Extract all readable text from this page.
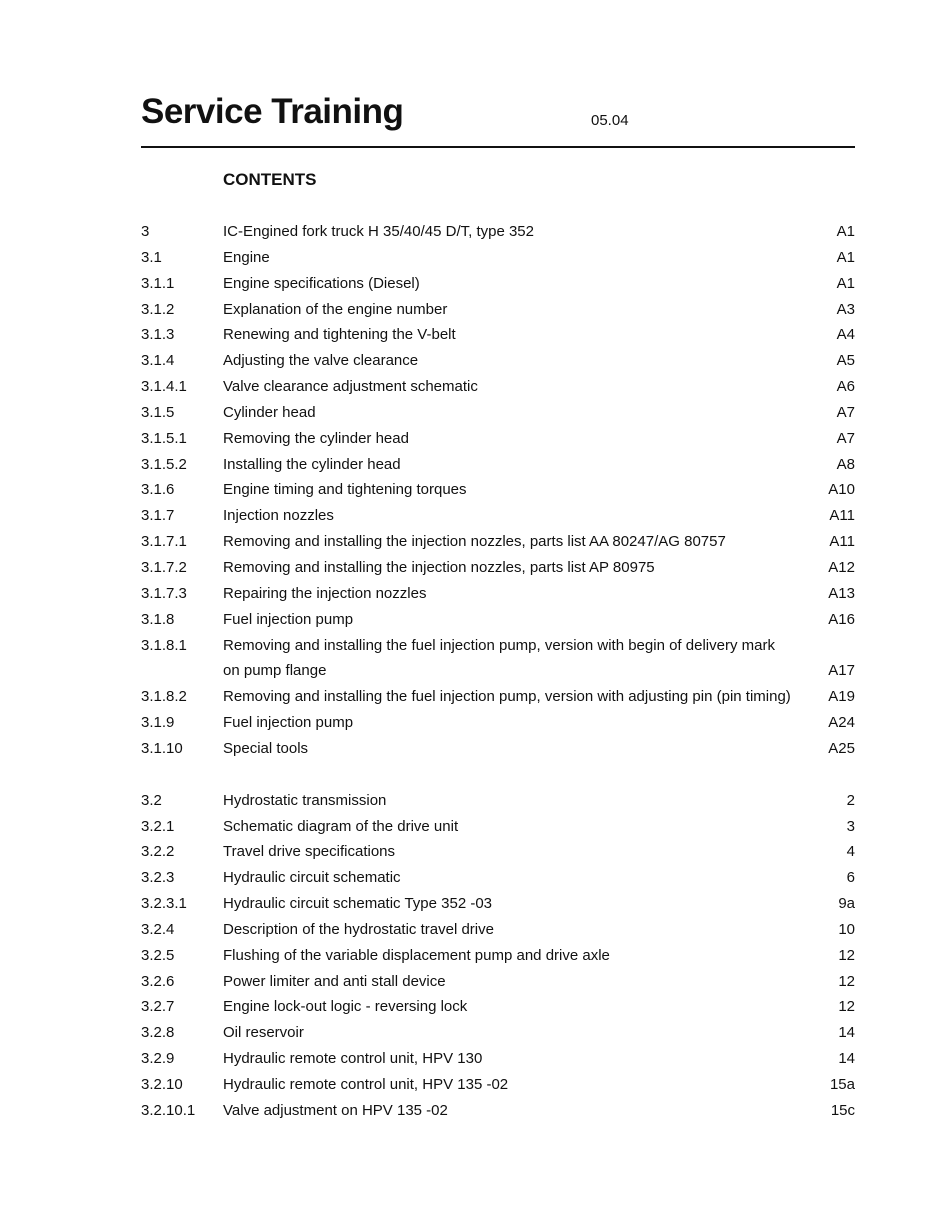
Service Training	05.04
CONTENTS
3	IC-Engined fork truck H 35/40/45 D/T, type 352	A1
3.1	Engine	A1
3.1.1	Engine specifications (Diesel)	A1
3.1.2	Explanation of the engine number	A3
3.1.3	Renewing and tightening the V-belt	A4
3.1.4	Adjusting the valve clearance	A5
3.1.4.1 Valve clearance adjustment schematic	A6
3.1.5	Cylinder head	A7
3.1.5.1 Removing the cylinder head	A7
3.1.5.2 Installing the cylinder head	A8
3.1.6	Engine timing and tightening torques	A10
3.1.7	Injection nozzles	A11
3.1.7.1 Removing and installing the injection nozzles, parts list AA 80247/AG 80757	A11
3.1.7.2 Removing and installing the injection nozzles, parts list AP 80975	A12
3.1.7.3 Repairing the injection nozzles	A13
3.1.8	Fuel injection pump	A16
3.1.8.1 Removing and installing the fuel injection pump, version with begin of delivery mark
on pump flange	A17
3.1.8.2 Removing and installing the fuel injection pump, version with adjusting pin (pin timing) A19
3.1.9	Fuel injection pump	A24
3.1.10	Special tools	A25
3.2	Hydrostatic transmission	2
3.2.1	Schematic diagram of the drive unit	3
3.2.2	Travel drive specifications	4
3.2.3	Hydraulic circuit schematic	6
3.2.3.1 Hydraulic circuit schematic Type 352 -03	9a
3.2.4	Description of the hydrostatic travel drive	10
3.2.5	Flushing of the variable displacement pump and drive axle	12
3.2.6	Power limiter and anti stall device	12
3.2.7	Engine lock-out logic - reversing lock	12
3.2.8	Oil reservoir	14
3.2.9	Hydraulic remote control unit, HPV 130	14
3.2.10	Hydraulic remote control unit, HPV 135 -02	15a
3.2.10.1 Valve adjustment on HPV 135 -02	15c
